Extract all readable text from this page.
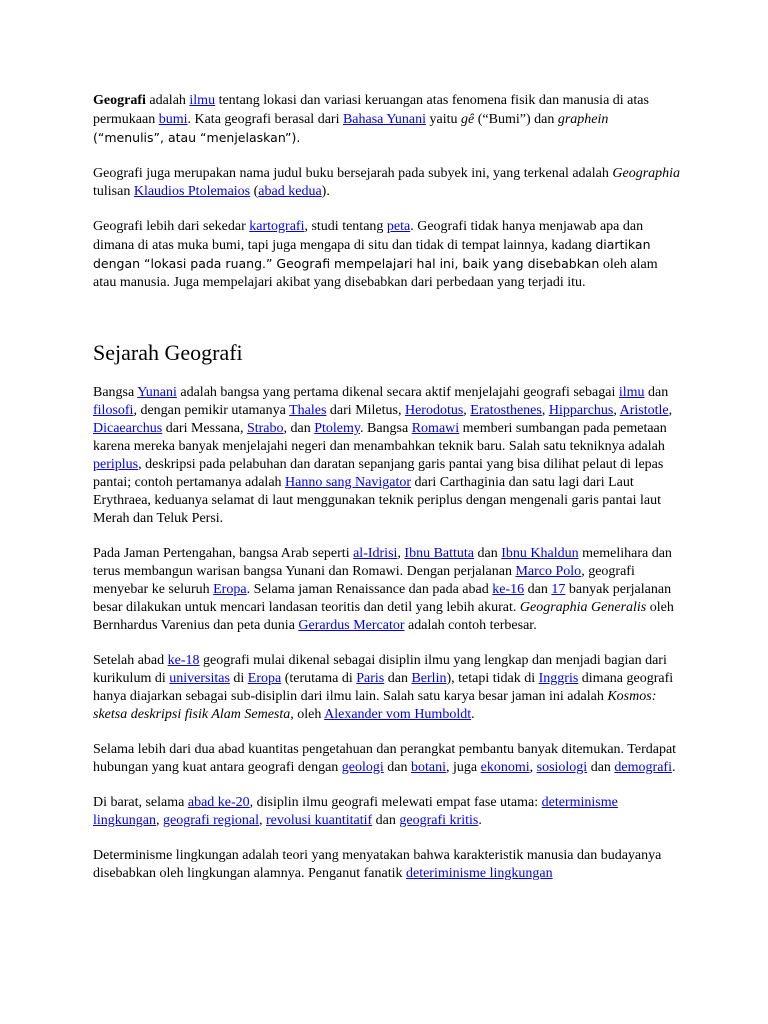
Geografi adalah ilmu tentang lokasi dan variasi keruangan atas fenomena fisik dan manusia di atas permukaan bumi. Kata geografi berasal dari Bahasa Yunani yaitu gê (“Bumi”) dan graphein (“menulis”, atau “menjelaskan”).

Geografi juga merupakan nama judul buku bersejarah pada subyek ini, yang terkenal adalah Geographia tulisan Klaudios Ptolemaios (abad kedua).

Geografi lebih dari sekedar kartografi, studi tentang peta. Geografi tidak hanya menjawab apa dan dimana di atas muka bumi, tapi juga mengapa di situ dan tidak di tempat lainnya, kadang diartikan dengan “lokasi pada ruang.” Geografi mempelajari hal ini, baik yang disebabkan oleh alam atau manusia. Juga mempelajari akibat yang disebabkan dari perbedaan yang terjadi itu.

Sejarah Geografi

Bangsa Yunani adalah bangsa yang pertama dikenal secara aktif menjelajahi geografi sebagai ilmu dan filosofi, dengan pemikir utamanya Thales dari Miletus, Herodotus, Eratosthenes, Hipparchus, Aristotle, Dicaearchus dari Messana, Strabo, dan Ptolemy. Bangsa Romawi memberi sumbangan pada pemetaan karena mereka banyak menjelajahi negeri dan menambahkan teknik baru. Salah satu tekniknya adalah periplus, deskripsi pada pelabuhan dan daratan sepanjang garis pantai yang bisa dilihat pelaut di lepas pantai; contoh pertamanya adalah Hanno sang Navigator dari Carthaginia dan satu lagi dari Laut Erythraea, keduanya selamat di laut menggunakan teknik periplus dengan mengenali garis pantai laut Merah dan Teluk Persi.

Pada Jaman Pertengahan, bangsa Arab seperti al-Idrisi, Ibnu Battuta dan Ibnu Khaldun memelihara dan terus membangun warisan bangsa Yunani dan Romawi. Dengan perjalanan Marco Polo, geografi menyebar ke seluruh Eropa. Selama jaman Renaissance dan pada abad ke-16 dan 17 banyak perjalanan besar dilakukan untuk mencari landasan teoritis dan detil yang lebih akurat. Geographia Generalis oleh Bernhardus Varenius dan peta dunia Gerardus Mercator adalah contoh terbesar.

Setelah abad ke-18 geografi mulai dikenal sebagai disiplin ilmu yang lengkap dan menjadi bagian dari kurikulum di universitas di Eropa (terutama di Paris dan Berlin), tetapi tidak di Inggris dimana geografi hanya diajarkan sebagai sub-disiplin dari ilmu lain. Salah satu karya besar jaman ini adalah Kosmos: sketsa deskripsi fisik Alam Semesta, oleh Alexander vom Humboldt.

Selama lebih dari dua abad kuantitas pengetahuan dan perangkat pembantu banyak ditemukan. Terdapat hubungan yang kuat antara geografi dengan geologi dan botani, juga ekonomi, sosiologi dan demografi.

Di barat, selama abad ke-20, disiplin ilmu geografi melewati empat fase utama: determinisme lingkungan, geografi regional, revolusi kuantitatif dan geografi kritis.

Determinisme lingkungan adalah teori yang menyatakan bahwa karakteristik manusia dan budayanya disebabkan oleh lingkungan alamnya. Penganut fanatik deteriminisme lingkungan
